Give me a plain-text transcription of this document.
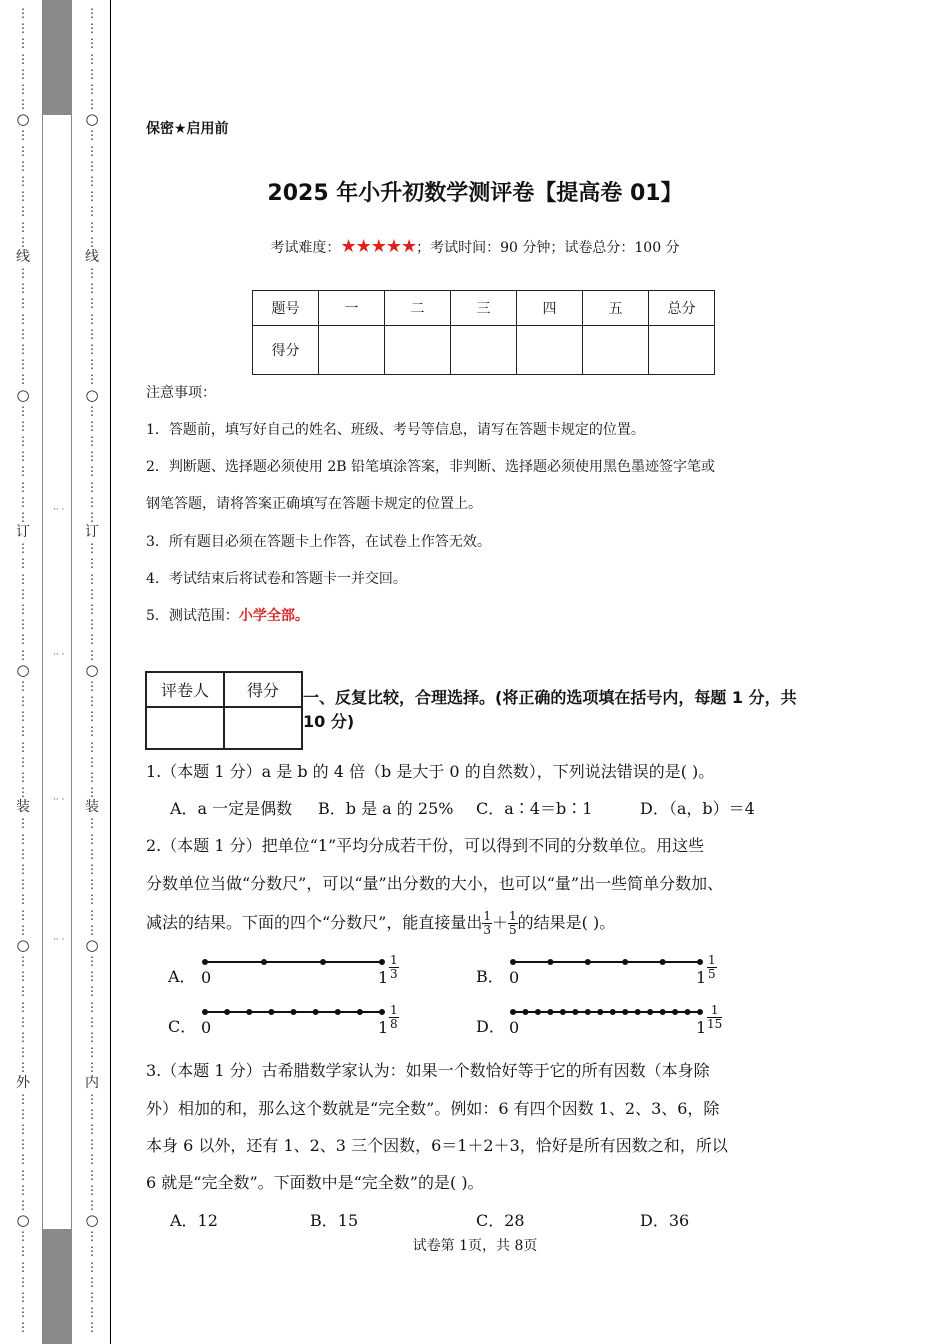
⋮
⋮
⋮
⋮
⋮
⋮
⋮
○
⋮
⋮
⋮
⋮
⋮
⋮
⋮
⋮
线
⋮
⋮
⋮
⋮
⋮
⋮
⋮
⋮
○
⋮
⋮
⋮
⋮
⋮
⋮
⋮
⋮
订
⋮
⋮
⋮
⋮
⋮
⋮
⋮
⋮
○
⋮
⋮
⋮
⋮
⋮
⋮
⋮
⋮
装
⋮
⋮
⋮
⋮
⋮
⋮
⋮
⋮
○
⋮
⋮
⋮
⋮
⋮
⋮
⋮
⋮
外
⋮
⋮
⋮
⋮
⋮
⋮
⋮
⋮
○
⋮
⋮
⋮
⋮
⋮
⋮
⋮
·· ·
·· ·
·· ·
·· ·
⋮
⋮
⋮
⋮
⋮
⋮
⋮
○
⋮
⋮
⋮
⋮
⋮
⋮
⋮
⋮
线
⋮
⋮
⋮
⋮
⋮
⋮
⋮
⋮
○
⋮
⋮
⋮
⋮
⋮
⋮
⋮
⋮
订
⋮
⋮
⋮
⋮
⋮
⋮
⋮
⋮
○
⋮
⋮
⋮
⋮
⋮
⋮
⋮
⋮
装
⋮
⋮
⋮
⋮
⋮
⋮
⋮
⋮
○
⋮
⋮
⋮
⋮
⋮
⋮
⋮
⋮
内
⋮
⋮
⋮
⋮
⋮
⋮
⋮
⋮
○
⋮
⋮
⋮
⋮
⋮
⋮
⋮
保密★启用前
2025 年小升初数学测评卷【提高卷 01】
考试难度：★★★★★；考试时间：90 分钟；试卷总分：100 分
题号	一	二	三	四	五	总分
得分						
注意事项：
1．答题前，填写好自己的姓名、班级、考号等信息，请写在答题卡规定的位置。
2．判断题、选择题必须使用 2B 铅笔填涂答案，非判断、选择题必须使用黑色墨迹签字笔或
钢笔答题，请将答案正确填写在答题卡规定的位置上。
3．所有题目必须在答题卡上作答，在试卷上作答无效。
4．考试结束后将试卷和答题卡一并交回。
5．测试范围：小学全部。
评卷人	得分
	一、反复比较，合理选择。(将正确的选项填在括号内，每题 1 分，共 10 分)
1.（本题 1 分）a 是 b 的 4 倍（b 是大于 0 的自然数），下列说法错误的是( )。
A．a 一定是偶数 B．b 是 a 的 25% C．a∶4＝b∶1	D．（a，b）＝4
2.（本题 1 分）把单位“1”平均分成若干份，可以得到不同的分数单位。用这些
分数单位当做“分数尺”，可以“量”出分数的大小，也可以“量”出一些简单分数加、
减法的结果。下面的四个“分数尺”，能直接量出 $\frac{1}{3} + \frac{1}{5}$ 的结果是( )。
A． 0	$1 \frac{1}{3}$	B． 0	$1 \frac{1}{5}$
C． 0	$1 \frac{1}{8}$	D． 0	$1 \frac{1}{15}$
3.（本题 1 分）古希腊数学家认为：如果一个数恰好等于它的所有因数（本身除
外）相加的和，那么这个数就是“完全数”。例如：6 有四个因数 1、2、3、6，除
本身 6 以外，还有 1、2、3 三个因数，6＝1＋2＋3，恰好是所有因数之和，所以
6 就是“完全数”。下面数中是“完全数”的是( )。
A．12	B．15	C．28	D．36
试卷第 1页，共 8页
